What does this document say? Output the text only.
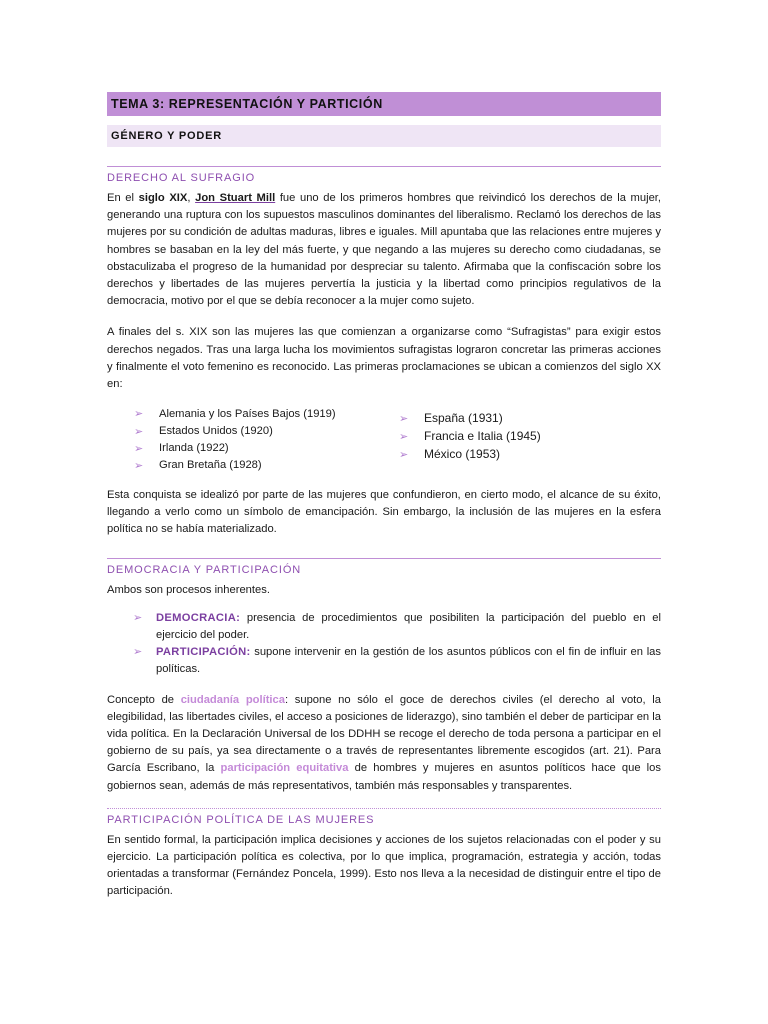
TEMA 3: REPRESENTACIÓN Y PARTICIÓN
GÉNERO Y PODER
DERECHO AL SUFRAGIO

En el siglo XIX, Jon Stuart Mill fue uno de los primeros hombres que reivindicó los derechos de la mujer, generando una ruptura con los supuestos masculinos dominantes del liberalismo. Reclamó los derechos de las mujeres por su condición de adultas maduras, libres e iguales. Mill apuntaba que las relaciones entre mujeres y hombres se basaban en la ley del más fuerte, y que negando a las mujeres su derecho como ciudadanas, se obstaculizaba el progreso de la humanidad por despreciar su talento. Afirmaba que la confiscación sobre los derechos y libertades de las mujeres pervertía la justicia y la libertad como principios regulativos de la democracia, motivo por el que se debía reconocer a la mujer como sujeto.

A finales del s. XIX son las mujeres las que comienzan a organizarse como “Sufragistas” para exigir estos derechos negados. Tras una larga lucha los movimientos sufragistas lograron concretar las primeras acciones y finalmente el voto femenino es reconocido. Las primeras proclamaciones se ubican a comienzos del siglo XX en:

➢	Alemania y los Países Bajos (1919)
➢	Estados Unidos (1920)
➢	Irlanda (1922)
➢	Gran Bretaña (1928)
➢	España (1931)
➢	Francia e Italia (1945)
➢	México (1953)

Esta conquista se idealizó por parte de las mujeres que confundieron, en cierto modo, el alcance de su éxito, llegando a verlo como un símbolo de emancipación. Sin embargo, la inclusión de las mujeres en la esfera política no se había materializado.

DEMOCRACIA Y PARTICIPACIÓN

Ambos son procesos inherentes.

➢	DEMOCRACIA: presencia de procedimientos que posibiliten la participación del pueblo en el ejercicio del poder.
➢	PARTICIPACIÓN: supone intervenir en la gestión de los asuntos públicos con el fin de influir en las políticas.

Concepto de ciudadanía política: supone no sólo el goce de derechos civiles (el derecho al voto, la elegibilidad, las libertades civiles, el acceso a posiciones de liderazgo), sino también el deber de participar en la vida política. En la Declaración Universal de los DDHH se recoge el derecho de toda persona a participar en el gobierno de su país, ya sea directamente o a través de representantes libremente escogidos (art. 21). Para García Escribano, la participación equitativa de hombres y mujeres en asuntos políticos hace que los gobiernos sean, además de más representativos, también más responsables y transparentes.

PARTICIPACIÓN POLÍTICA DE LAS MUJERES

En sentido formal, la participación implica decisiones y acciones de los sujetos relacionadas con el poder y su ejercicio. La participación política es colectiva, por lo que implica, programación, estrategia y acción, todas orientadas a transformar (Fernández Poncela, 1999). Esto nos lleva a la necesidad de distinguir entre el tipo de participación.
